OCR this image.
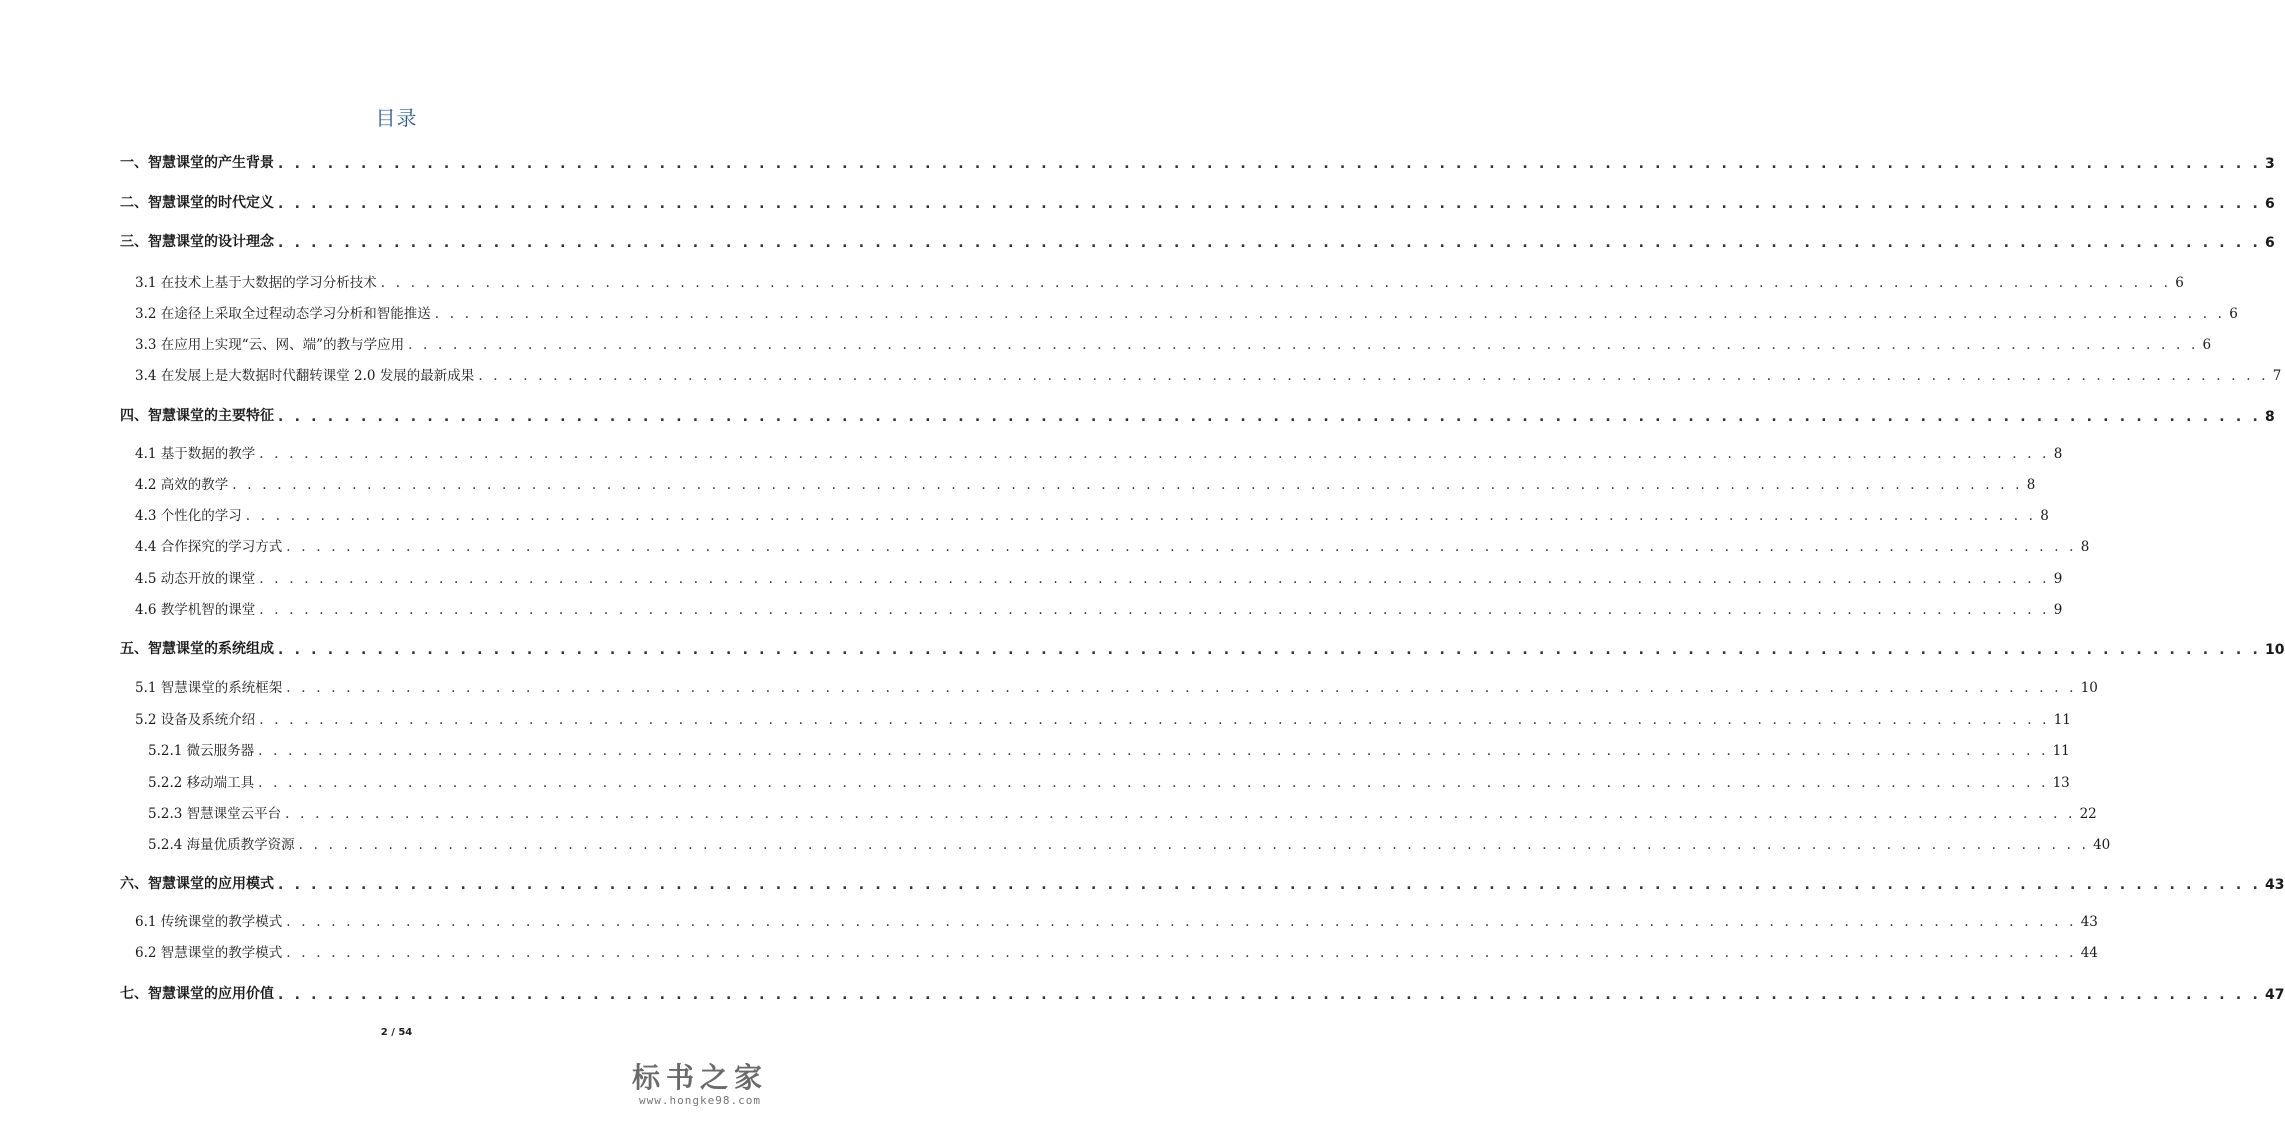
目录
一、智慧课堂的产生背景 . . . . . . . . . . . . . . . . . . . . . . . . . . . . . . . . . . . . . . . . . . . . . . . . . . . . . . . . . . . . . . . . . . . . . . . . . . . . . . . . . . . . . . . . . . . . . . . . . . . . . . . . . . . . . . . . . . . . . . . . 3
二、智慧课堂的时代定义 . . . . . . . . . . . . . . . . . . . . . . . . . . . . . . . . . . . . . . . . . . . . . . . . . . . . . . . . . . . . . . . . . . . . . . . . . . . . . . . . . . . . . . . . . . . . . . . . . . . . . . . . . . . . . . . . . . . . . . . . 6
三、智慧课堂的设计理念 . . . . . . . . . . . . . . . . . . . . . . . . . . . . . . . . . . . . . . . . . . . . . . . . . . . . . . . . . . . . . . . . . . . . . . . . . . . . . . . . . . . . . . . . . . . . . . . . . . . . . . . . . . . . . . . . . . . . . . . . 6
3.1 在技术上基于大数据的学习分析技术 . . . . . . . . . . . . . . . . . . . . . . . . . . . . . . . . . . . . . . . . . . . . . . . . . . . . . . . . . . . . . . . . . . . . . . . . . . . . . . . . . . . . . . . . . . . . . . . . . . . . . . . . . . . . . . . . . . . . . . . . 6
3.2 在途径上采取全过程动态学习分析和智能推送 . . . . . . . . . . . . . . . . . . . . . . . . . . . . . . . . . . . . . . . . . . . . . . . . . . . . . . . . . . . . . . . . . . . . . . . . . . . . . . . . . . . . . . . . . . . . . . . . . . . . . . . . . . . . . . . . . . . . . . . . 6
3.3 在应用上实现“云、网、端”的教与学应用 . . . . . . . . . . . . . . . . . . . . . . . . . . . . . . . . . . . . . . . . . . . . . . . . . . . . . . . . . . . . . . . . . . . . . . . . . . . . . . . . . . . . . . . . . . . . . . . . . . . . . . . . . . . . . . . . . . . . . . . . 6
3.4 在发展上是大数据时代翻转课堂 2.0 发展的最新成果 . . . . . . . . . . . . . . . . . . . . . . . . . . . . . . . . . . . . . . . . . . . . . . . . . . . . . . . . . . . . . . . . . . . . . . . . . . . . . . . . . . . . . . . . . . . . . . . . . . . . . . . . . . . . . . . . . . . . . . . . 7
四、智慧课堂的主要特征 . . . . . . . . . . . . . . . . . . . . . . . . . . . . . . . . . . . . . . . . . . . . . . . . . . . . . . . . . . . . . . . . . . . . . . . . . . . . . . . . . . . . . . . . . . . . . . . . . . . . . . . . . . . . . . . . . . . . . . . . 8
4.1 基于数据的教学 . . . . . . . . . . . . . . . . . . . . . . . . . . . . . . . . . . . . . . . . . . . . . . . . . . . . . . . . . . . . . . . . . . . . . . . . . . . . . . . . . . . . . . . . . . . . . . . . . . . . . . . . . . . . . . . . . . . . . . . . 8
4.2 高效的教学 . . . . . . . . . . . . . . . . . . . . . . . . . . . . . . . . . . . . . . . . . . . . . . . . . . . . . . . . . . . . . . . . . . . . . . . . . . . . . . . . . . . . . . . . . . . . . . . . . . . . . . . . . . . . . . . . . . . . . . . . 8
4.3 个性化的学习 . . . . . . . . . . . . . . . . . . . . . . . . . . . . . . . . . . . . . . . . . . . . . . . . . . . . . . . . . . . . . . . . . . . . . . . . . . . . . . . . . . . . . . . . . . . . . . . . . . . . . . . . . . . . . . . . . . . . . . . . 8
4.4 合作探究的学习方式 . . . . . . . . . . . . . . . . . . . . . . . . . . . . . . . . . . . . . . . . . . . . . . . . . . . . . . . . . . . . . . . . . . . . . . . . . . . . . . . . . . . . . . . . . . . . . . . . . . . . . . . . . . . . . . . . . . . . . . . . 8
4.5 动态开放的课堂 . . . . . . . . . . . . . . . . . . . . . . . . . . . . . . . . . . . . . . . . . . . . . . . . . . . . . . . . . . . . . . . . . . . . . . . . . . . . . . . . . . . . . . . . . . . . . . . . . . . . . . . . . . . . . . . . . . . . . . . . 9
4.6 教学机智的课堂 . . . . . . . . . . . . . . . . . . . . . . . . . . . . . . . . . . . . . . . . . . . . . . . . . . . . . . . . . . . . . . . . . . . . . . . . . . . . . . . . . . . . . . . . . . . . . . . . . . . . . . . . . . . . . . . . . . . . . . . . 9
五、智慧课堂的系统组成 . . . . . . . . . . . . . . . . . . . . . . . . . . . . . . . . . . . . . . . . . . . . . . . . . . . . . . . . . . . . . . . . . . . . . . . . . . . . . . . . . . . . . . . . . . . . . . . . . . . . . . . . . . . . . . . . . . . . . . . . 10
5.1 智慧课堂的系统框架 . . . . . . . . . . . . . . . . . . . . . . . . . . . . . . . . . . . . . . . . . . . . . . . . . . . . . . . . . . . . . . . . . . . . . . . . . . . . . . . . . . . . . . . . . . . . . . . . . . . . . . . . . . . . . . . . . . . . . . . . 10
5.2 设备及系统介绍 . . . . . . . . . . . . . . . . . . . . . . . . . . . . . . . . . . . . . . . . . . . . . . . . . . . . . . . . . . . . . . . . . . . . . . . . . . . . . . . . . . . . . . . . . . . . . . . . . . . . . . . . . . . . . . . . . . . . . . . . 11
5.2.1 微云服务器 . . . . . . . . . . . . . . . . . . . . . . . . . . . . . . . . . . . . . . . . . . . . . . . . . . . . . . . . . . . . . . . . . . . . . . . . . . . . . . . . . . . . . . . . . . . . . . . . . . . . . . . . . . . . . . . . . . . . . . . . 11
5.2.2 移动端工具 . . . . . . . . . . . . . . . . . . . . . . . . . . . . . . . . . . . . . . . . . . . . . . . . . . . . . . . . . . . . . . . . . . . . . . . . . . . . . . . . . . . . . . . . . . . . . . . . . . . . . . . . . . . . . . . . . . . . . . . . 13
5.2.3 智慧课堂云平台 . . . . . . . . . . . . . . . . . . . . . . . . . . . . . . . . . . . . . . . . . . . . . . . . . . . . . . . . . . . . . . . . . . . . . . . . . . . . . . . . . . . . . . . . . . . . . . . . . . . . . . . . . . . . . . . . . . . . . . . . 22
5.2.4 海量优质教学资源 . . . . . . . . . . . . . . . . . . . . . . . . . . . . . . . . . . . . . . . . . . . . . . . . . . . . . . . . . . . . . . . . . . . . . . . . . . . . . . . . . . . . . . . . . . . . . . . . . . . . . . . . . . . . . . . . . . . . . . . . 40
六、智慧课堂的应用模式 . . . . . . . . . . . . . . . . . . . . . . . . . . . . . . . . . . . . . . . . . . . . . . . . . . . . . . . . . . . . . . . . . . . . . . . . . . . . . . . . . . . . . . . . . . . . . . . . . . . . . . . . . . . . . . . . . . . . . . . . 43
6.1 传统课堂的教学模式 . . . . . . . . . . . . . . . . . . . . . . . . . . . . . . . . . . . . . . . . . . . . . . . . . . . . . . . . . . . . . . . . . . . . . . . . . . . . . . . . . . . . . . . . . . . . . . . . . . . . . . . . . . . . . . . . . . . . . . . . 43
6.2 智慧课堂的教学模式 . . . . . . . . . . . . . . . . . . . . . . . . . . . . . . . . . . . . . . . . . . . . . . . . . . . . . . . . . . . . . . . . . . . . . . . . . . . . . . . . . . . . . . . . . . . . . . . . . . . . . . . . . . . . . . . . . . . . . . . . 44
七、智慧课堂的应用价值 . . . . . . . . . . . . . . . . . . . . . . . . . . . . . . . . . . . . . . . . . . . . . . . . . . . . . . . . . . . . . . . . . . . . . . . . . . . . . . . . . . . . . . . . . . . . . . . . . . . . . . . . . . . . . . . . . . . . . . . . 47
2 / 54
标书之家
www.hongke98.com
